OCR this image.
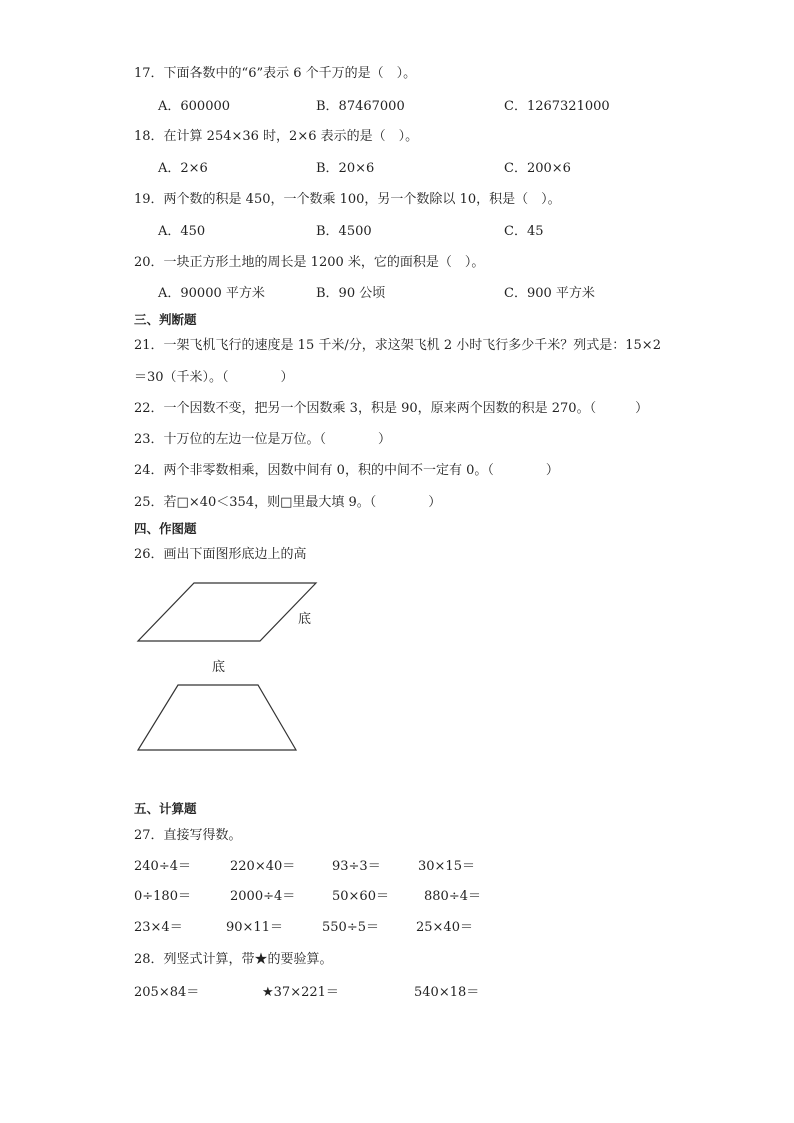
17．下面各数中的“6”表示 6 个千万的是（　）。
A．600000	B．87467000	C．1267321000
18．在计算 254×36 时，2×6 表示的是（　）。
A．2×6	B．20×6	C．200×6
19．两个数的积是 450，一个数乘 100，另一个数除以 10，积是（　）。
A．450	B．4500	C．45
20．一块正方形土地的周长是 1200 米，它的面积是（　）。
A．90000 平方米	B．90 公顷	C．900 平方米
三、判断题
21．一架飞机飞行的速度是 15 千米/分，求这架飞机 2 小时飞行多少千米？列式是：15×2
＝30（千米）。（　　　　）
22．一个因数不变，把另一个因数乘 3，积是 90，原来两个因数的积是 270。（　　　）
23．十万位的左边一位是万位。（　　　　）
24．两个非零数相乘，因数中间有 0，积的中间不一定有 0。（　　　　）
25．若□×40＜354，则□里最大填 9。（　　　　）
四、作图题
26．画出下面图形底边上的高
底
底
五、计算题
27．直接写得数。
240÷4＝	220×40＝	93÷3＝	30×15＝
0÷180＝	2000÷4＝	50×60＝	880÷4＝
23×4＝	90×11＝	550÷5＝	25×40＝
28．列竖式计算，带★的要验算。
205×84＝	★37×221＝	540×18＝
